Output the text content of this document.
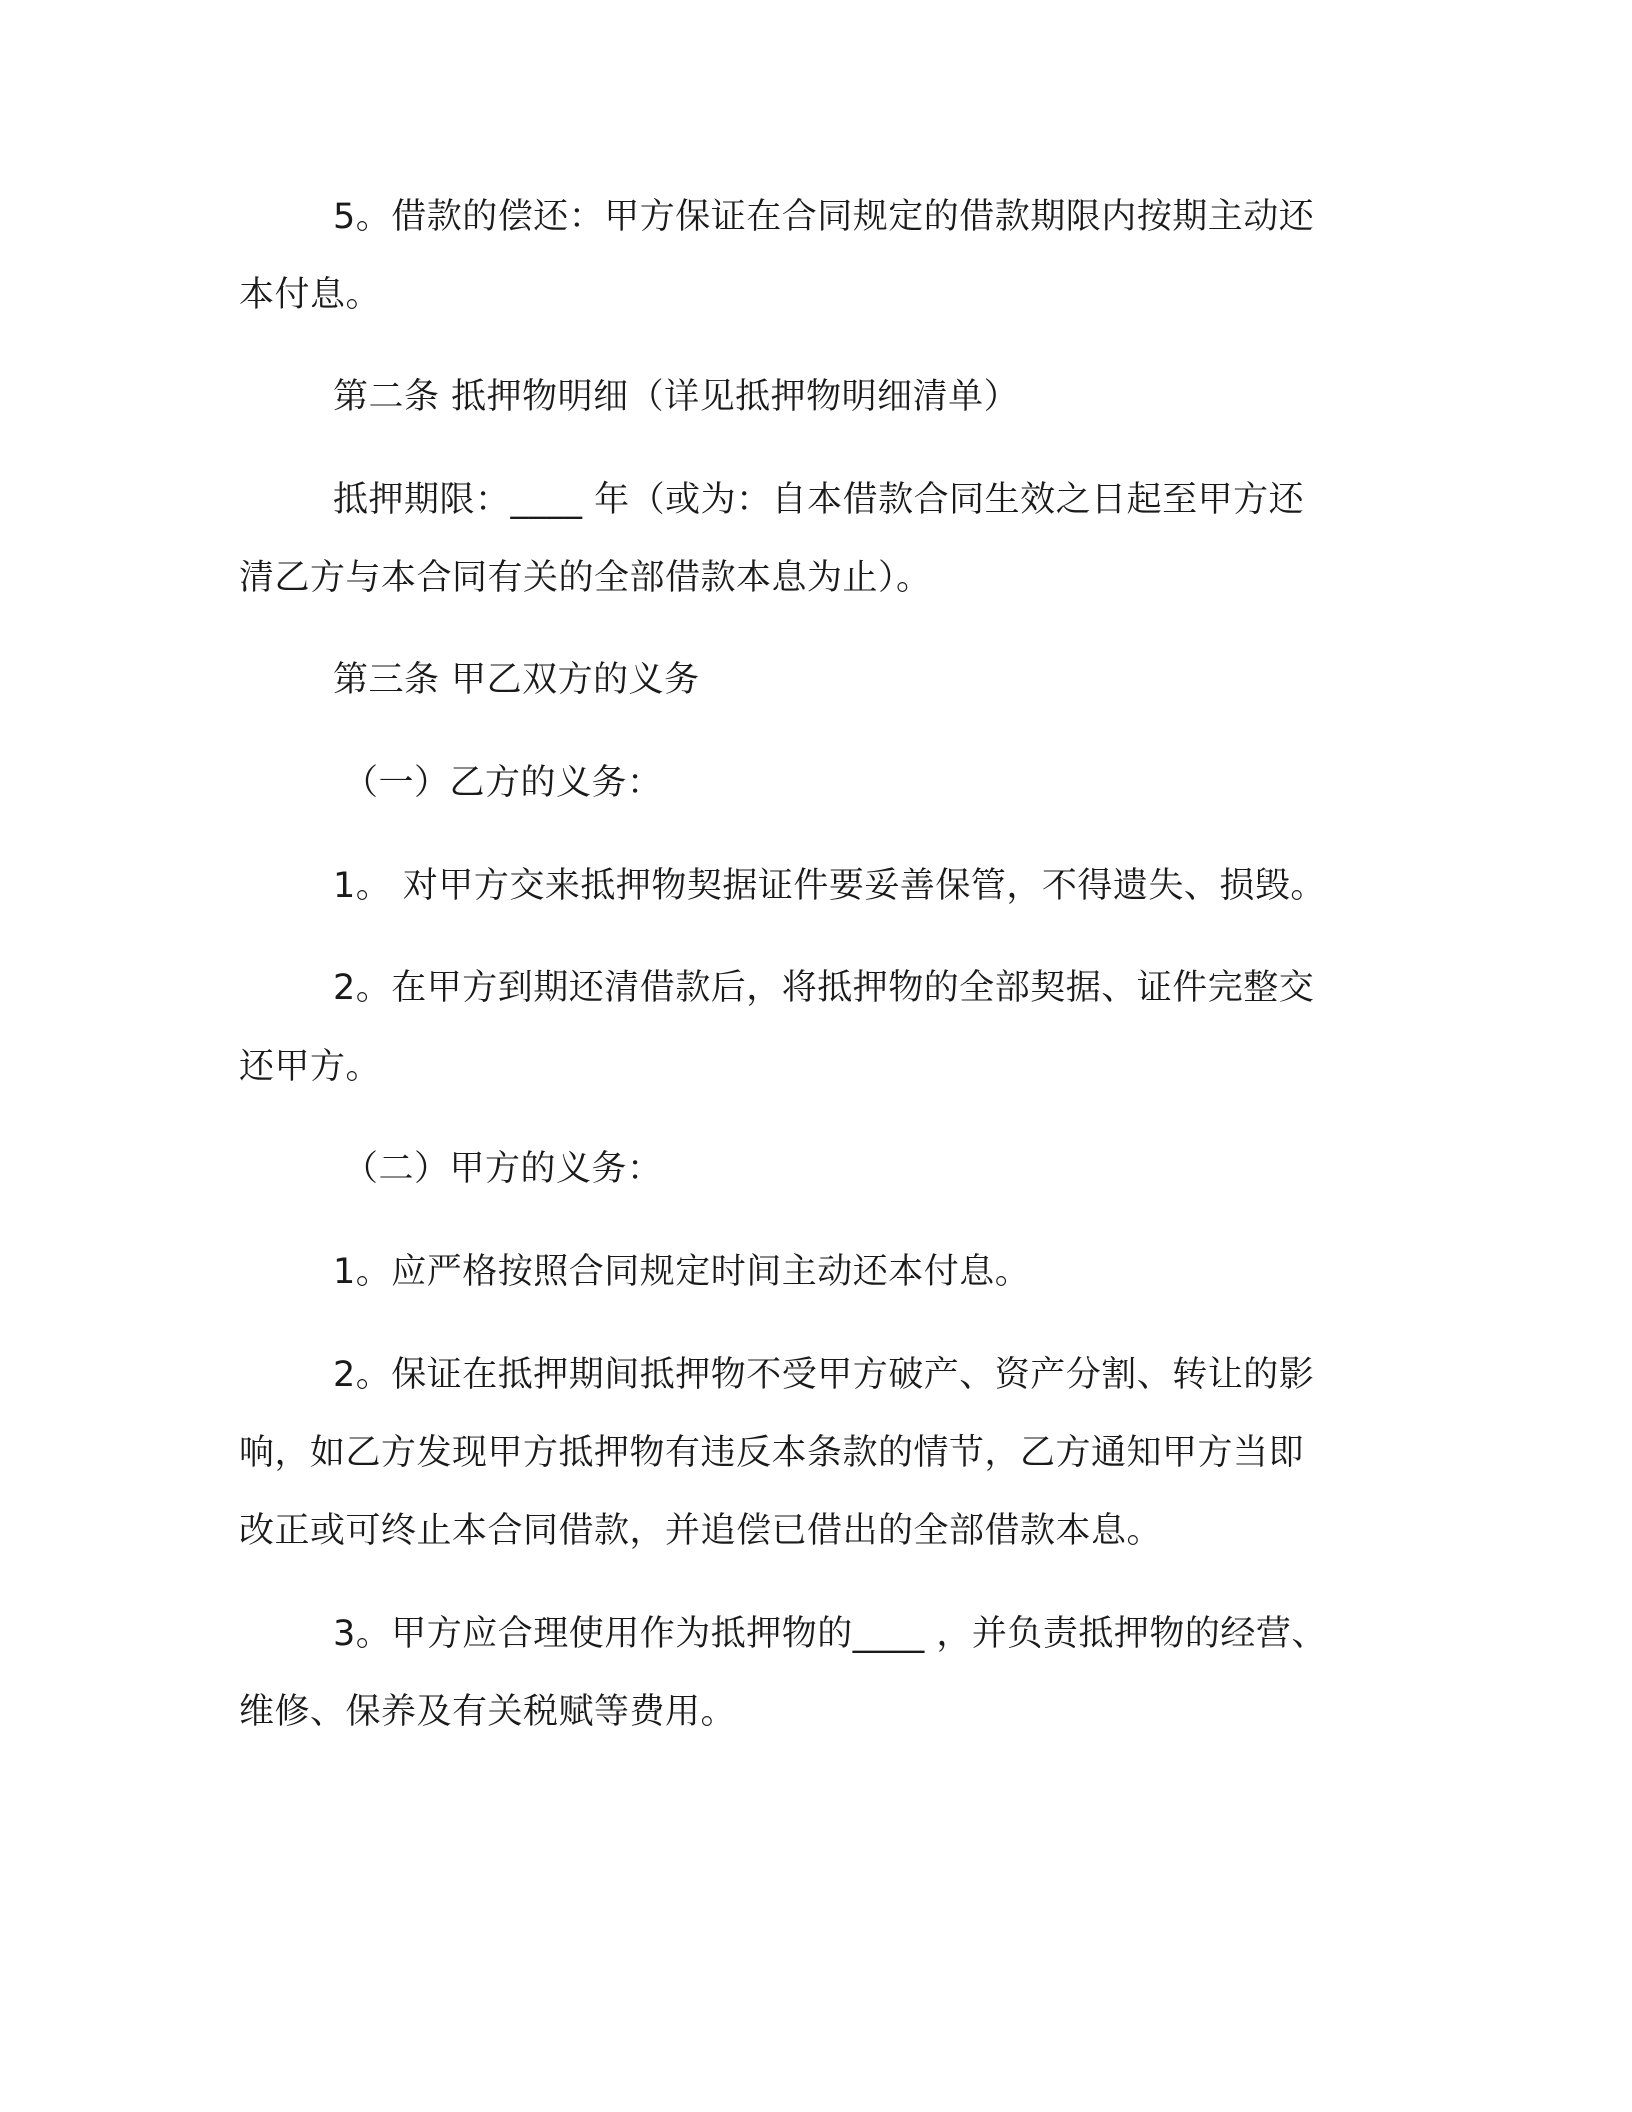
5。借款的偿还：甲方保证在合同规定的借款期限内按期主动还
本付息。
第二条 抵押物明细（详见抵押物明细清单）
抵押期限：____ 年（或为：自本借款合同生效之日起至甲方还
清乙方与本合同有关的全部借款本息为止）。
第三条 甲乙双方的义务
（一）乙方的义务：
1。 对甲方交来抵押物契据证件要妥善保管，不得遗失、损毁。
2。在甲方到期还清借款后，将抵押物的全部契据、证件完整交
还甲方。
（二）甲方的义务：
1。应严格按照合同规定时间主动还本付息。
2。保证在抵押期间抵押物不受甲方破产、资产分割、转让的影
响，如乙方发现甲方抵押物有违反本条款的情节，乙方通知甲方当即
改正或可终止本合同借款，并追偿已借出的全部借款本息。
3。甲方应合理使用作为抵押物的____ ，并负责抵押物的经营、
维修、保养及有关税赋等费用。
